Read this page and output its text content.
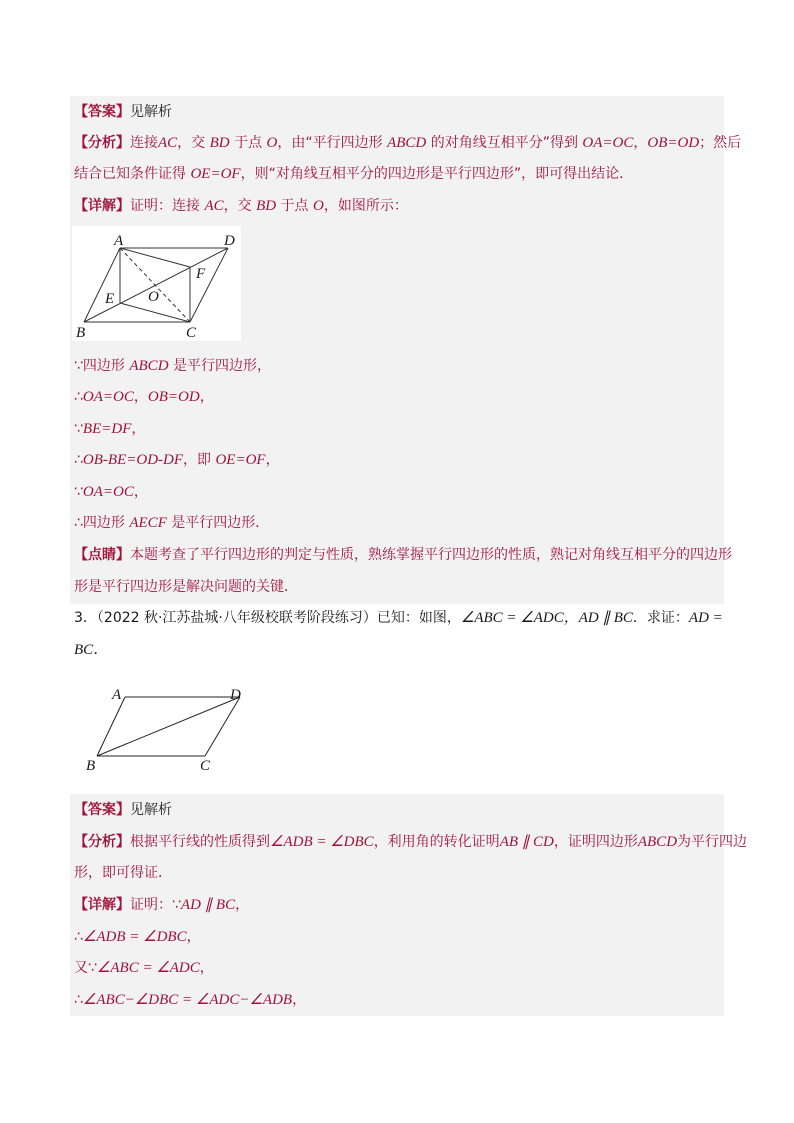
【答案】见解析
【分析】连接AC，交 BD 于点 O，由“平行四边形 ABCD 的对角线互相平分”得到 OA=OC，OB=OD；然后
结合已知条件证得 OE=OF，则“对角线互相平分的四边形是平行四边形”，即可得出结论．
【详解】证明：连接 AC，交 BD 于点 O，如图所示：
A	D
B	C
E
F
O
∵四边形 ABCD 是平行四边形，
∴OA=OC，OB=OD，
∵BE=DF，
∴OB-BE=OD-DF，即 OE=OF，
∵OA=OC，
∴四边形 AECF 是平行四边形．
【点睛】本题考查了平行四边形的判定与性质，熟练掌握平行四边形的性质，熟记对角线互相平分的四边形
形是平行四边形是解决问题的关键．
3．（2022 秋·江苏盐城·八年级校联考阶段练习）已知：如图，∠ABC = ∠ADC，AD ∥ BC．求证：AD =
BC．
A	D
B	C
【答案】见解析
【分析】根据平行线的性质得到∠ADB = ∠DBC，利用角的转化证明AB ∥ CD，证明四边形ABCD为平行四边
形，即可得证．
【详解】证明：∵AD ∥ BC，
∴∠ADB = ∠DBC，
又∵∠ABC = ∠ADC，
∴∠ABC−∠DBC = ∠ADC−∠ADB，
